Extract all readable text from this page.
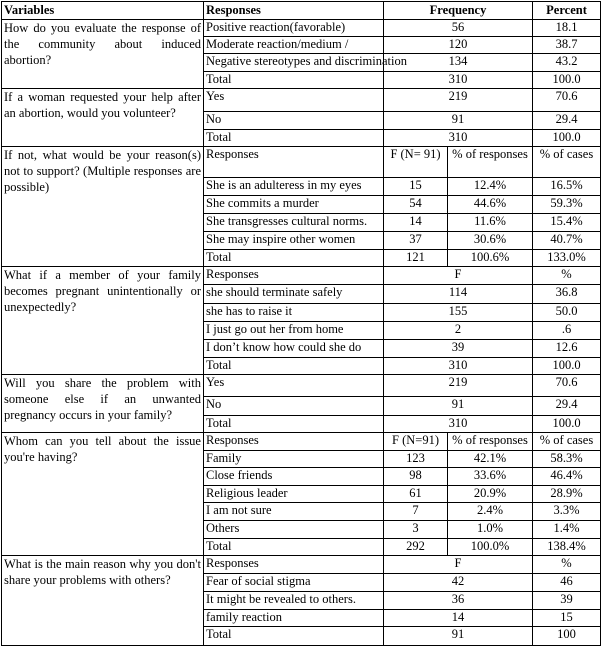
Variables	Responses	Frequency		Percent
How do you evaluate the response of the community about induced abortion?	Positive reaction(favorable)	56		18.1
	Moderate reaction/medium /	120		38.7
	Negative stereotypes and discrimination	134		43.2
	Total	310		100.0
If a woman requested your help after an abortion, would you volunteer?	Yes	219		70.6
	No	91		29.4
	Total	310		100.0
If not, what would be your reason(s) not to support? (Multiple responses are possible)	Responses	F (N= 91)	% of responses	% of cases
	She is an adulteress in my eyes	15	12.4%	16.5%
	She commits a murder	54	44.6%	59.3%
	She transgresses cultural norms.	14	11.6%	15.4%
	She may inspire other women	37	30.6%	40.7%
	Total	121	100.6%	133.0%
What if a member of your family becomes pregnant unintentionally or unexpectedly?	Responses	F		%
	she should terminate safely	114		36.8
	she has to raise it	155		50.0
	I just go out her from home	2		.6
	I don’t know how could she do	39		12.6
	Total	310		100.0
Will you share the problem with someone else if an unwanted pregnancy occurs in your family?	Yes	219		70.6
	No	91		29.4
	Total	310		100.0
Whom can you tell about the issue you're having?	Responses	F (N=91)	% of responses	% of cases
	Family	123	42.1%	58.3%
	Close friends	98	33.6%	46.4%
	Religious leader	61	20.9%	28.9%
	I am not sure	7	2.4%	3.3%
	Others	3	1.0%	1.4%
	Total	292	100.0%	138.4%
What is the main reason why you don't share your problems with others?	Responses	F		%
	Fear of social stigma	42		46
	It might be revealed to others.	36		39
	family reaction	14		15
	Total	91		100
